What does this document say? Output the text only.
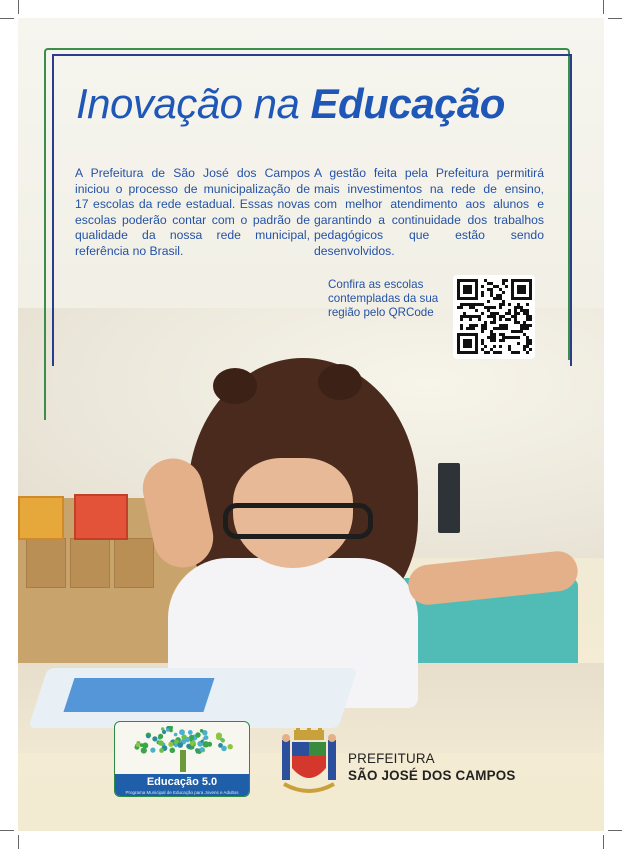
Inovação na Educação
A Prefeitura de São José dos Campos iniciou o processo de municipalização de 17 escolas da rede estadual. Essas novas escolas poderão contar com o padrão de qualidade da nossa rede municipal, referência no Brasil.
A gestão feita pela Prefeitura permitirá mais investimentos na rede de ensino, com melhor atendimento aos alunos e garantindo a continuidade dos trabalhos pedagógicos que estão sendo desenvolvidos.
Confira as escolas contempladas da sua região pelo QRCode
Educação 5.0
Programa Municipal de Educação para Jovens e Adultos
PREFEITURA
SÃO JOSÉ DOS CAMPOS
